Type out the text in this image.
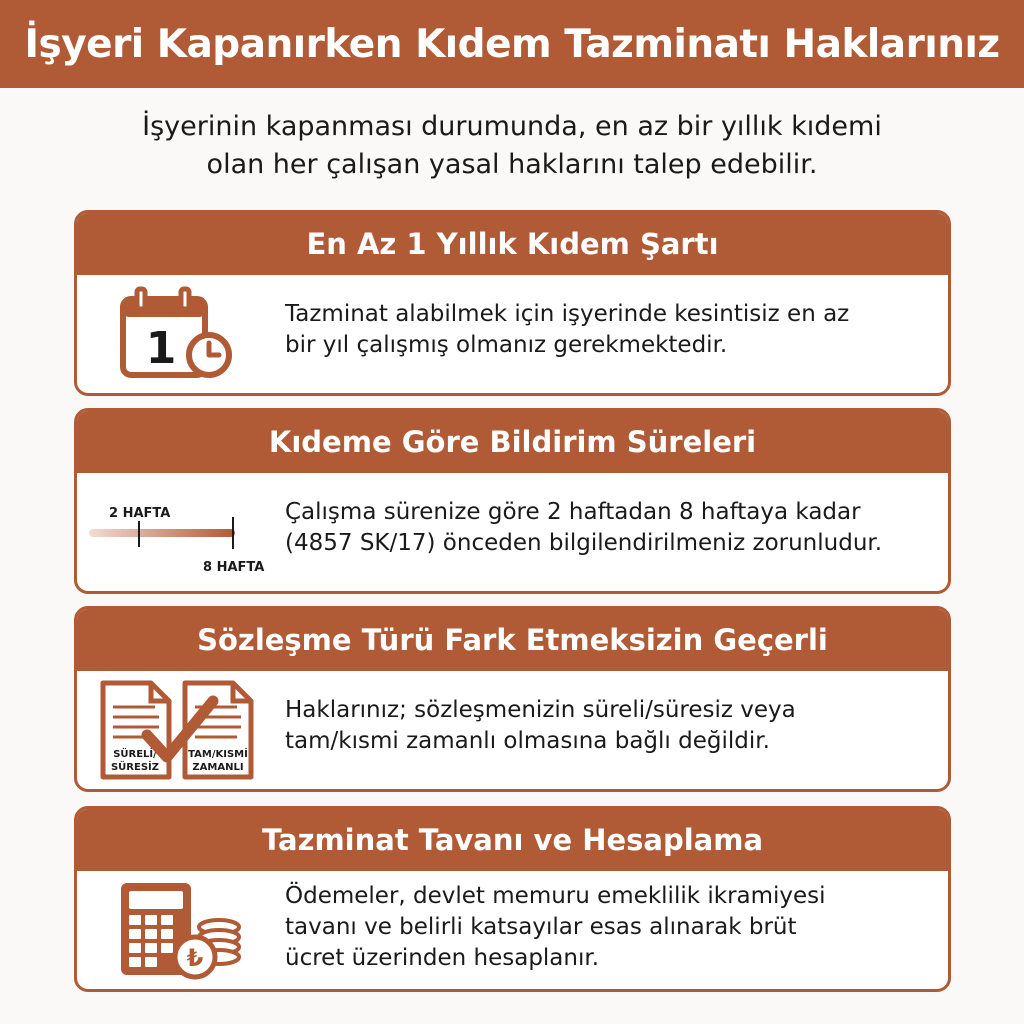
İşyeri Kapanırken Kıdem Tazminatı Haklarınız
İşyerinin kapanması durumunda, en az bir yıllık kıdemi
olan her çalışan yasal haklarını talep edebilir.
En Az 1 Yıllık Kıdem Şartı
1
Tazminat alabilmek için işyerinde kesintisiz en az
bir yıl çalışmış olmanız gerekmektedir.
Kıdeme Göre Bildirim Süreleri
2 HAFTA
8 HAFTA
Çalışma sürenize göre 2 haftadan 8 haftaya kadar
(4857 SK/17) önceden bilgilendirilmeniz zorunludur.
Sözleşme Türü Fark Etmeksizin Geçerli
SÜRELİ/
SÜRESİZ
TAM/KISMİ
ZAMANLI
Haklarınız; sözleşmenizin süreli/süresiz veya
tam/kısmi zamanlı olmasına bağlı değildir.
Tazminat Tavanı ve Hesaplama
₺
Ödemeler, devlet memuru emeklilik ikramiyesi
tavanı ve belirli katsayılar esas alınarak brüt
ücret üzerinden hesaplanır.
